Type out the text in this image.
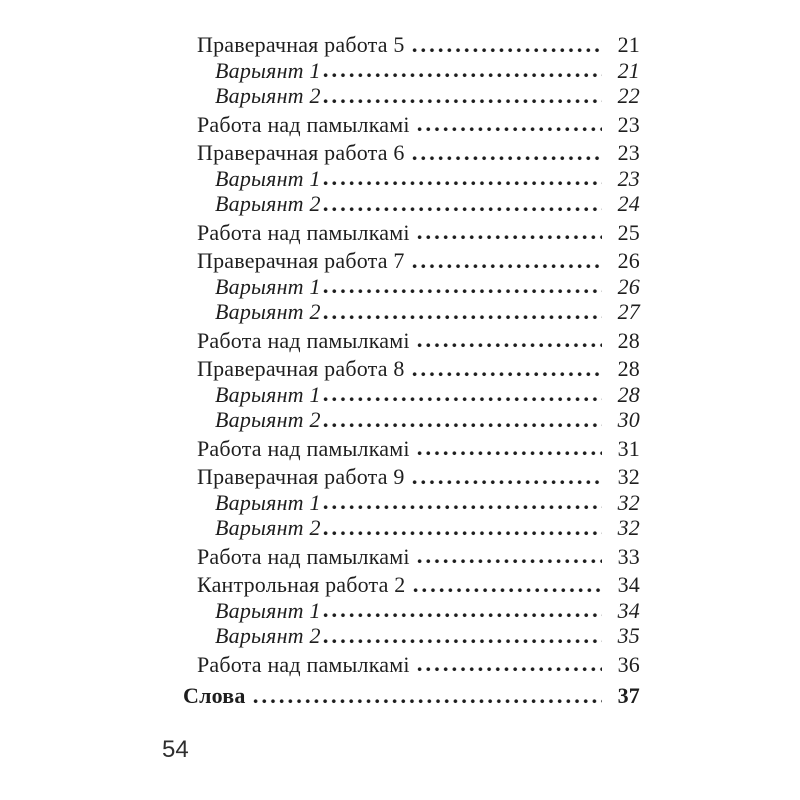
Праверачная работа 5	21
Варыянт 1	21
Варыянт 2	22
Работа над памылкамі	23
Праверачная работа 6	23
Варыянт 1	23
Варыянт 2	24
Работа над памылкамі	25
Праверачная работа 7	26
Варыянт 1	26
Варыянт 2	27
Работа над памылкамі	28
Праверачная работа 8	28
Варыянт 1	28
Варыянт 2	30
Работа над памылкамі	31
Праверачная работа 9	32
Варыянт 1	32
Варыянт 2	32
Работа над памылкамі	33
Кантрольная работа 2	34
Варыянт 1	34
Варыянт 2	35
Работа над памылкамі	36
Слова	37
54
